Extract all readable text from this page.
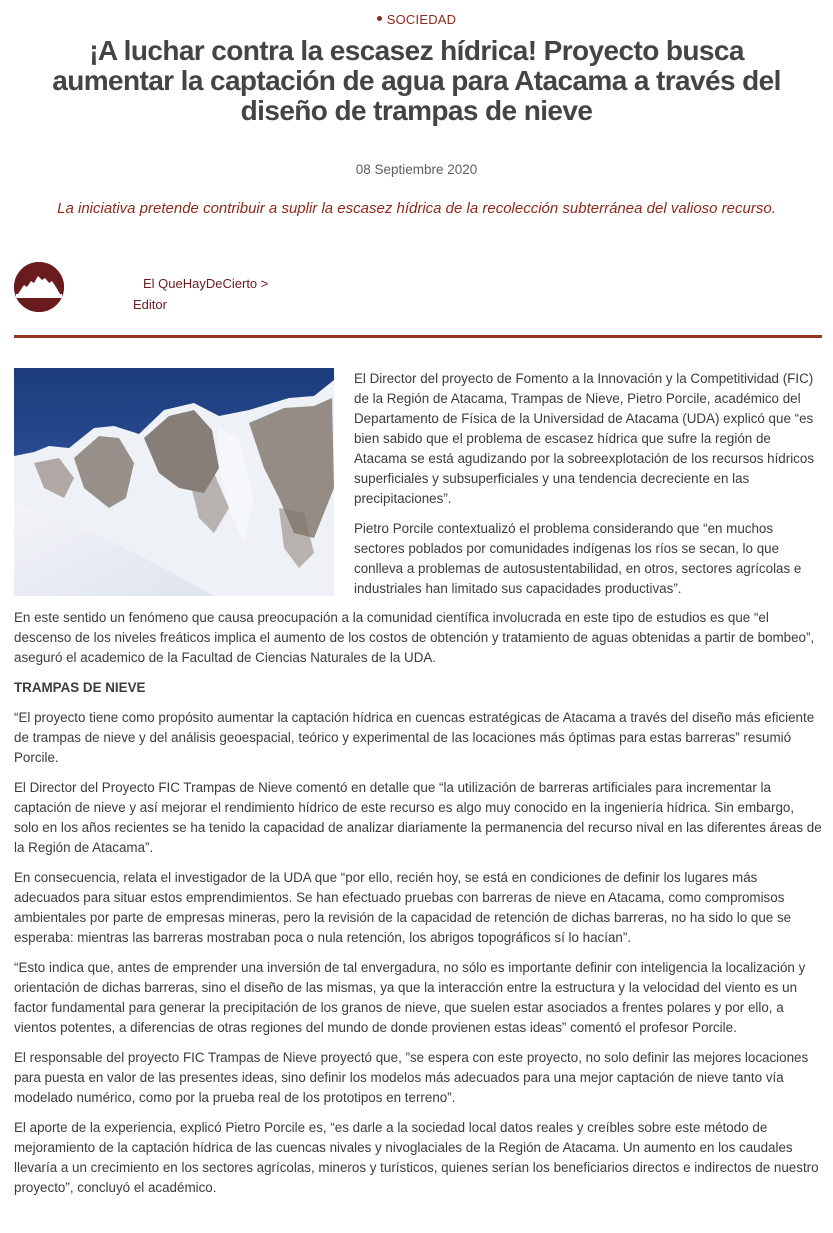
SOCIEDAD
¡A luchar contra la escasez hídrica! Proyecto busca aumentar la captación de agua para Atacama a través del diseño de trampas de nieve
08 Septiembre 2020
La iniciativa pretende contribuir a suplir la escasez hídrica de la recolección subterránea del valioso recurso.
El QueHayDeCierto >
Editor

El Director del proyecto de Fomento a la Innovación y la Competitividad (FIC) de la Región de Atacama, Trampas de Nieve, Pietro Porcile, académico del Departamento de Física de la Universidad de Atacama (UDA) explicó que “es bien sabido que el problema de escasez hídrica que sufre la región de Atacama se está agudizando por la sobreexplotación de los recursos hídricos superficiales y subsuperficiales y una tendencia decreciente en las precipitaciones”.

Pietro Porcile contextualizó el problema considerando que “en muchos sectores poblados por comunidades indígenas los ríos se secan, lo que conlleva a problemas de autosustentabilidad, en otros, sectores agrícolas e industriales han limitado sus capacidades productivas”.

En este sentido un fenómeno que causa preocupación a la comunidad científica involucrada en este tipo de estudios es que “el descenso de los niveles freáticos implica el aumento de los costos de obtención y tratamiento de aguas obtenidas a partir de bombeo”, aseguró el academico de la Facultad de Ciencias Naturales de la UDA.

TRAMPAS DE NIEVE

“El proyecto tiene como propósito aumentar la captación hídrica en cuencas estratégicas de Atacama a través del diseño más eficiente de trampas de nieve y del análisis geoespacial, teórico y experimental de las locaciones más óptimas para estas barreras” resumió Porcile.

El Director del Proyecto FIC Trampas de Nieve comentó en detalle que “la utilización de barreras artificiales para incrementar la captación de nieve y así mejorar el rendimiento hídrico de este recurso es algo muy conocido en la ingeniería hídrica. Sin embargo, solo en los años recientes se ha tenido la capacidad de analizar diariamente la permanencia del recurso nival en las diferentes áreas de la Región de Atacama”.

En consecuencia, relata el investigador de la UDA que “por ello, recién hoy, se está en condiciones de definir los lugares más adecuados para situar estos emprendimientos. Se han efectuado pruebas con barreras de nieve en Atacama, como compromisos ambientales por parte de empresas mineras, pero la revisión de la capacidad de retención de dichas barreras, no ha sido lo que se esperaba: mientras las barreras mostraban poca o nula retención, los abrigos topográficos sí lo hacían”.

“Esto indica que, antes de emprender una inversión de tal envergadura, no sólo es importante definir con inteligencia la localización y orientación de dichas barreras, sino el diseño de las mismas, ya que la interacción entre la estructura y la velocidad del viento es un factor fundamental para generar la precipitación de los granos de nieve, que suelen estar asociados a frentes polares y por ello, a vientos potentes, a diferencias de otras regiones del mundo de donde provienen estas ideas” comentó el profesor Porcile.

El responsable del proyecto FIC Trampas de Nieve proyectó que, ”se espera con este proyecto, no solo definir las mejores locaciones para puesta en valor de las presentes ideas, sino definir los modelos más adecuados para una mejor captación de nieve tanto vía modelado numérico, como por la prueba real de los prototipos en terreno”.

El aporte de la experiencia, explicó Pietro Porcile es, “es darle a la sociedad local datos reales y creíbles sobre este método de mejoramiento de la captación hídrica de las cuencas nivales y nivoglaciales de la Región de Atacama. Un aumento en los caudales llevaría a un crecimiento en los sectores agrícolas, mineros y turísticos, quienes serían los beneficiarios directos e indirectos de nuestro proyecto”, concluyó el académico.
